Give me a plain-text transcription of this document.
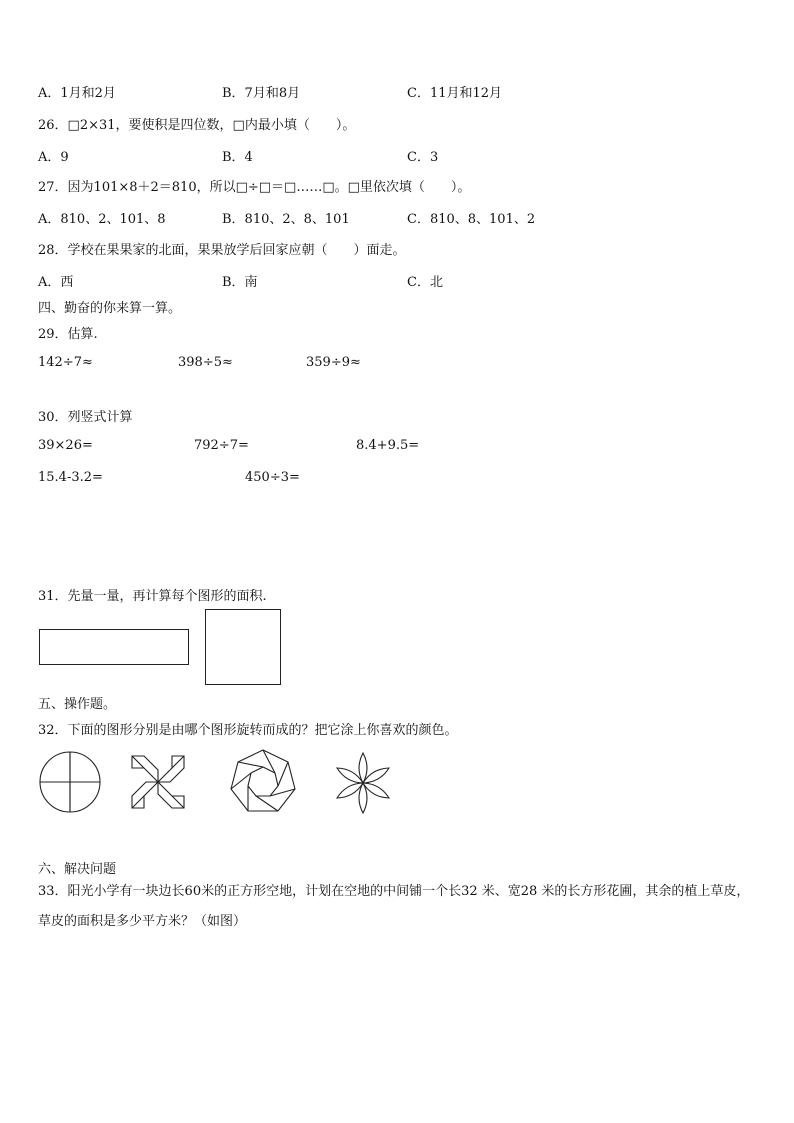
A．1月和2月	B．7月和8月	C．11月和12月
26．□2×31，要使积是四位数，□内最小填（　　）。
A．9	B．4	C．3
27．因为101×8＋2＝810，所以□÷□＝□……□。□里依次填（　　）。
A．810、2、101、8	B．810、2、8、101	C．810、8、101、2
28．学校在果果家的北面，果果放学后回家应朝（　　）面走。
A．西	B．南	C．北
四、勤奋的你来算一算。
29．估算.
142÷7≈	398÷5≈	359÷9≈
30．列竖式计算
39×26=	792÷7=	8.4+9.5=
15.4-3.2=	450÷3=
31．先量一量，再计算每个图形的面积.
五、操作题。
32．下面的图形分别是由哪个图形旋转而成的？把它涂上你喜欢的颜色。
六、解决问题
33．阳光小学有一块边长60米的正方形空地，计划在空地的中间铺一个长32 米、宽28 米的长方形花圃，其余的植上草皮，草皮的面积是多少平方米？（如图）
